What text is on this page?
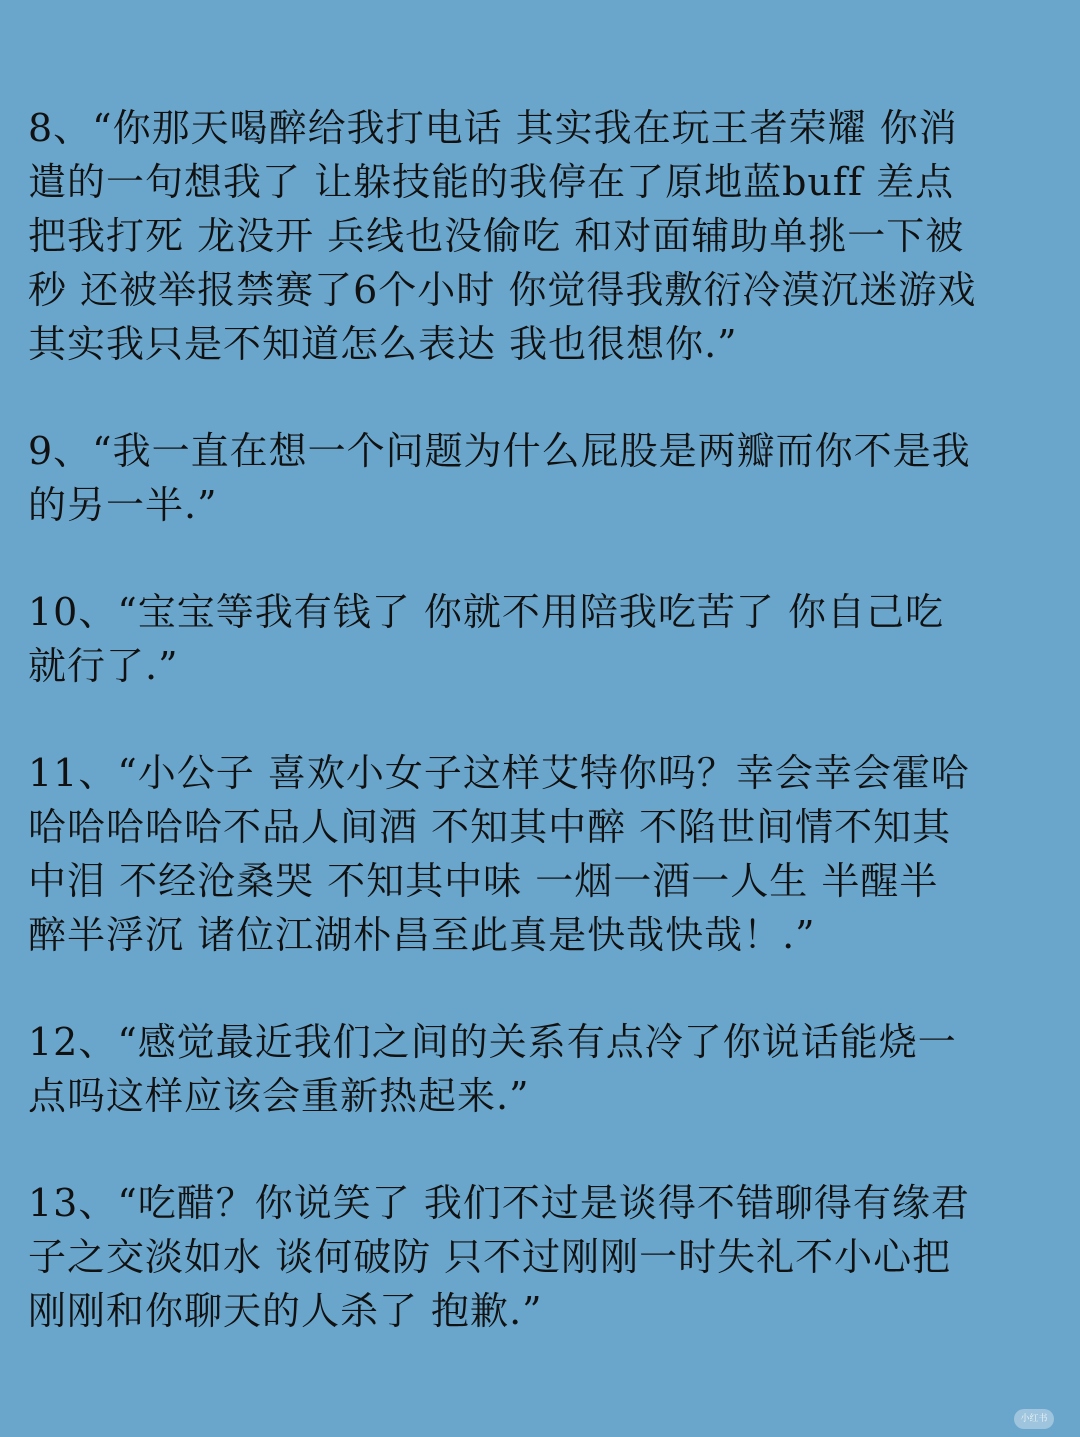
8、“你那天喝醉给我打电话 其实我在玩王者荣耀 你消
遣的一句想我了 让躲技能的我停在了原地蓝buff 差点
把我打死 龙没开 兵线也没偷吃 和对面辅助单挑一下被
秒 还被举报禁赛了6个小时 你觉得我敷衍冷漠沉迷游戏
其实我只是不知道怎么表达 我也很想你.”

9、“我一直在想一个问题为什么屁股是两瓣而你不是我
的另一半.”

10、“宝宝等我有钱了 你就不用陪我吃苦了 你自己吃
就行了.”

11、“小公子 喜欢小女子这样艾特你吗？幸会幸会霍哈
哈哈哈哈哈不品人间酒 不知其中醉 不陷世间情不知其
中泪 不经沧桑哭 不知其中味 一烟一酒一人生 半醒半
醉半浮沉 诸位江湖朴昌至此真是快哉快哉！.”

12、“感觉最近我们之间的关系有点冷了你说话能烧一
点吗这样应该会重新热起来.”

13、“吃醋？你说笑了 我们不过是谈得不错聊得有缘君
子之交淡如水 谈何破防 只不过刚刚一时失礼不小心把
刚刚和你聊天的人杀了 抱歉.”

小红书
